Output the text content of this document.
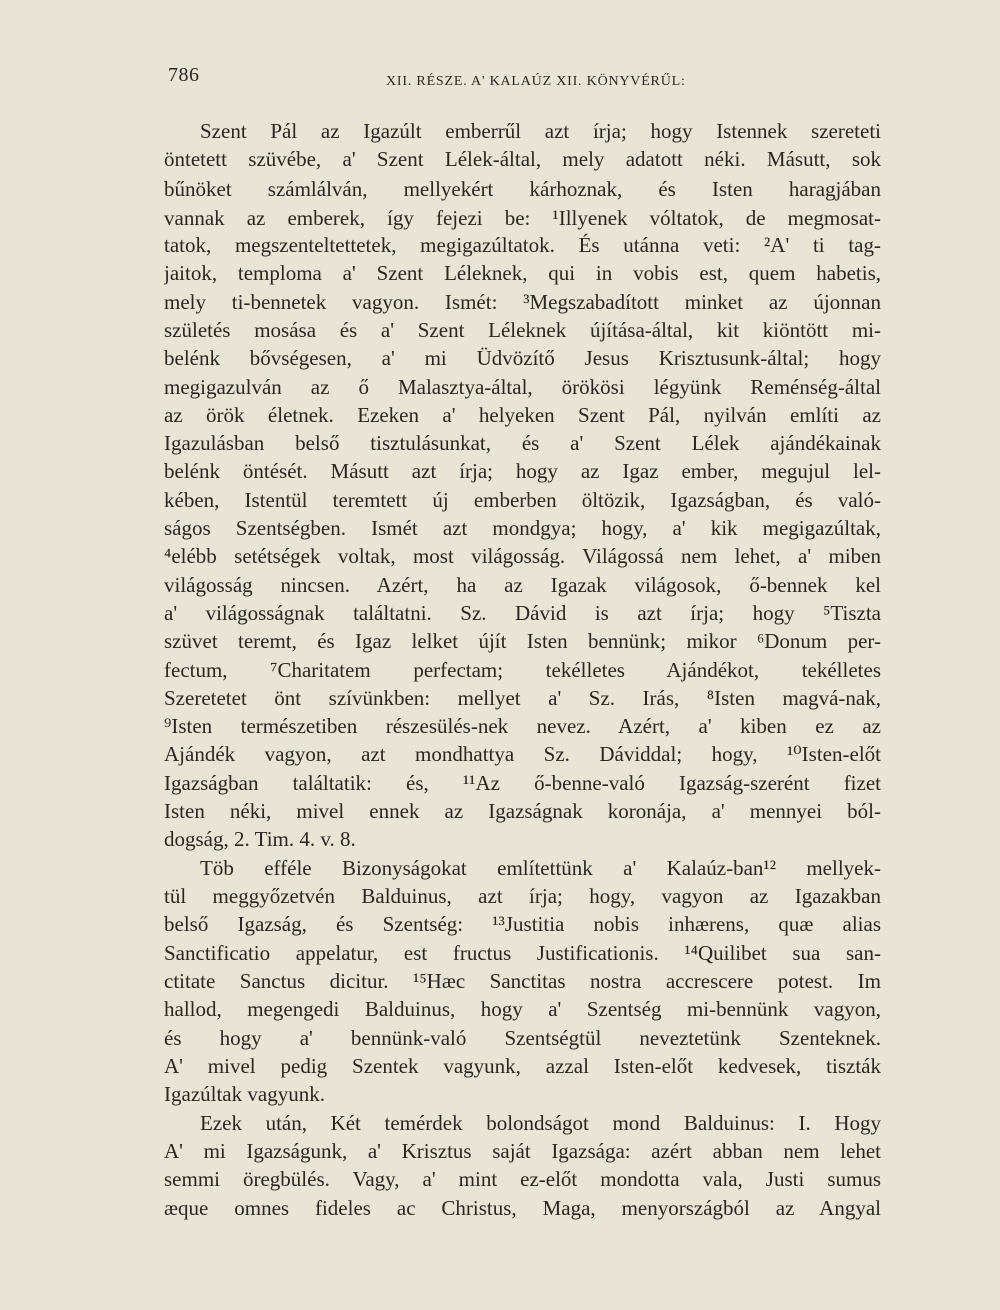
786	XII. RÉSZE. A' KALAÚZ XII. KÖNYVÉRŰL:
Szent Pál az Igazúlt emberrűl azt írja; hogy Istennek szereteti
öntetett szüvébe, a' Szent Lélek-által, mely adatott néki. Másutt, sok
bűnöket számlálván, mellyekért kárhoznak, és Isten haragjában
vannak az emberek, így fejezi be: ¹Illyenek vóltatok, de megmosat-
tatok, megszenteltettetek, megigazúltatok. És utánna veti: ²A' ti tag-
jaitok, temploma a' Szent Léleknek, qui in vobis est, quem habetis,
mely ti-bennetek vagyon. Ismét: ³Megszabadított minket az újonnan
születés mosása és a' Szent Léleknek újítása-által, kit kiöntött mi-
belénk bővségesen, a' mi Üdvözítő Jesus Krisztusunk-által; hogy
megigazulván az ő Malasztya-által, örökösi légyünk Reménség-által
az örök életnek. Ezeken a' helyeken Szent Pál, nyilván említi az
Igazulásban belső tisztulásunkat, és a' Szent Lélek ajándékainak
belénk öntését. Másutt azt írja; hogy az Igaz ember, megujul lel-
kében, Istentül teremtett új emberben öltözik, Igazságban, és való-
ságos Szentségben. Ismét azt mondgya; hogy, a' kik megigazúltak,
⁴elébb setétségek voltak, most világosság. Világossá nem lehet, a' miben
világosság nincsen. Azért, ha az Igazak világosok, ő-bennek kel
a' világosságnak találtatni. Sz. Dávid is azt írja; hogy ⁵Tiszta
szüvet teremt, és Igaz lelket újít Isten bennünk; mikor ⁶Donum per-
fectum, ⁷Charitatem perfectam; tekélletes Ajándékot, tekélletes
Szeretetet önt szívünkben: mellyet a' Sz. Irás, ⁸Isten magvá-nak,
⁹Isten természetiben részesülés-nek nevez. Azért, a' kiben ez az
Ajándék vagyon, azt mondhattya Sz. Dáviddal; hogy, ¹⁰Isten-előt
Igazságban találtatik: és, ¹¹Az ő-benne-való Igazság-szerént fizet
Isten néki, mivel ennek az Igazságnak koronája, a' mennyei ból-
dogság, 2. Tim. 4. v. 8.
Töb efféle Bizonyságokat említettünk a' Kalaúz-ban¹² mellyek-
tül meggyőzetvén Balduinus, azt írja; hogy, vagyon az Igazakban
belső Igazság, és Szentség: ¹³Justitia nobis inhærens, quæ alias
Sanctificatio appelatur, est fructus Justificationis. ¹⁴Quilibet sua san-
ctitate Sanctus dicitur. ¹⁵Hæc Sanctitas nostra accrescere potest. Im
hallod, megengedi Balduinus, hogy a' Szentség mi-bennünk vagyon,
és hogy a' bennünk-való Szentségtül neveztetünk Szenteknek.
A' mivel pedig Szentek vagyunk, azzal Isten-előt kedvesek, tiszták
Igazúltak vagyunk.
Ezek után, Két temérdek bolondságot mond Balduinus: I. Hogy
A' mi Igazságunk, a' Krisztus saját Igazsága: azért abban nem lehet
semmi öregbülés. Vagy, a' mint ez-előt mondotta vala, Justi sumus
æque omnes fideles ac Christus, Maga, menyországból az Angyal
